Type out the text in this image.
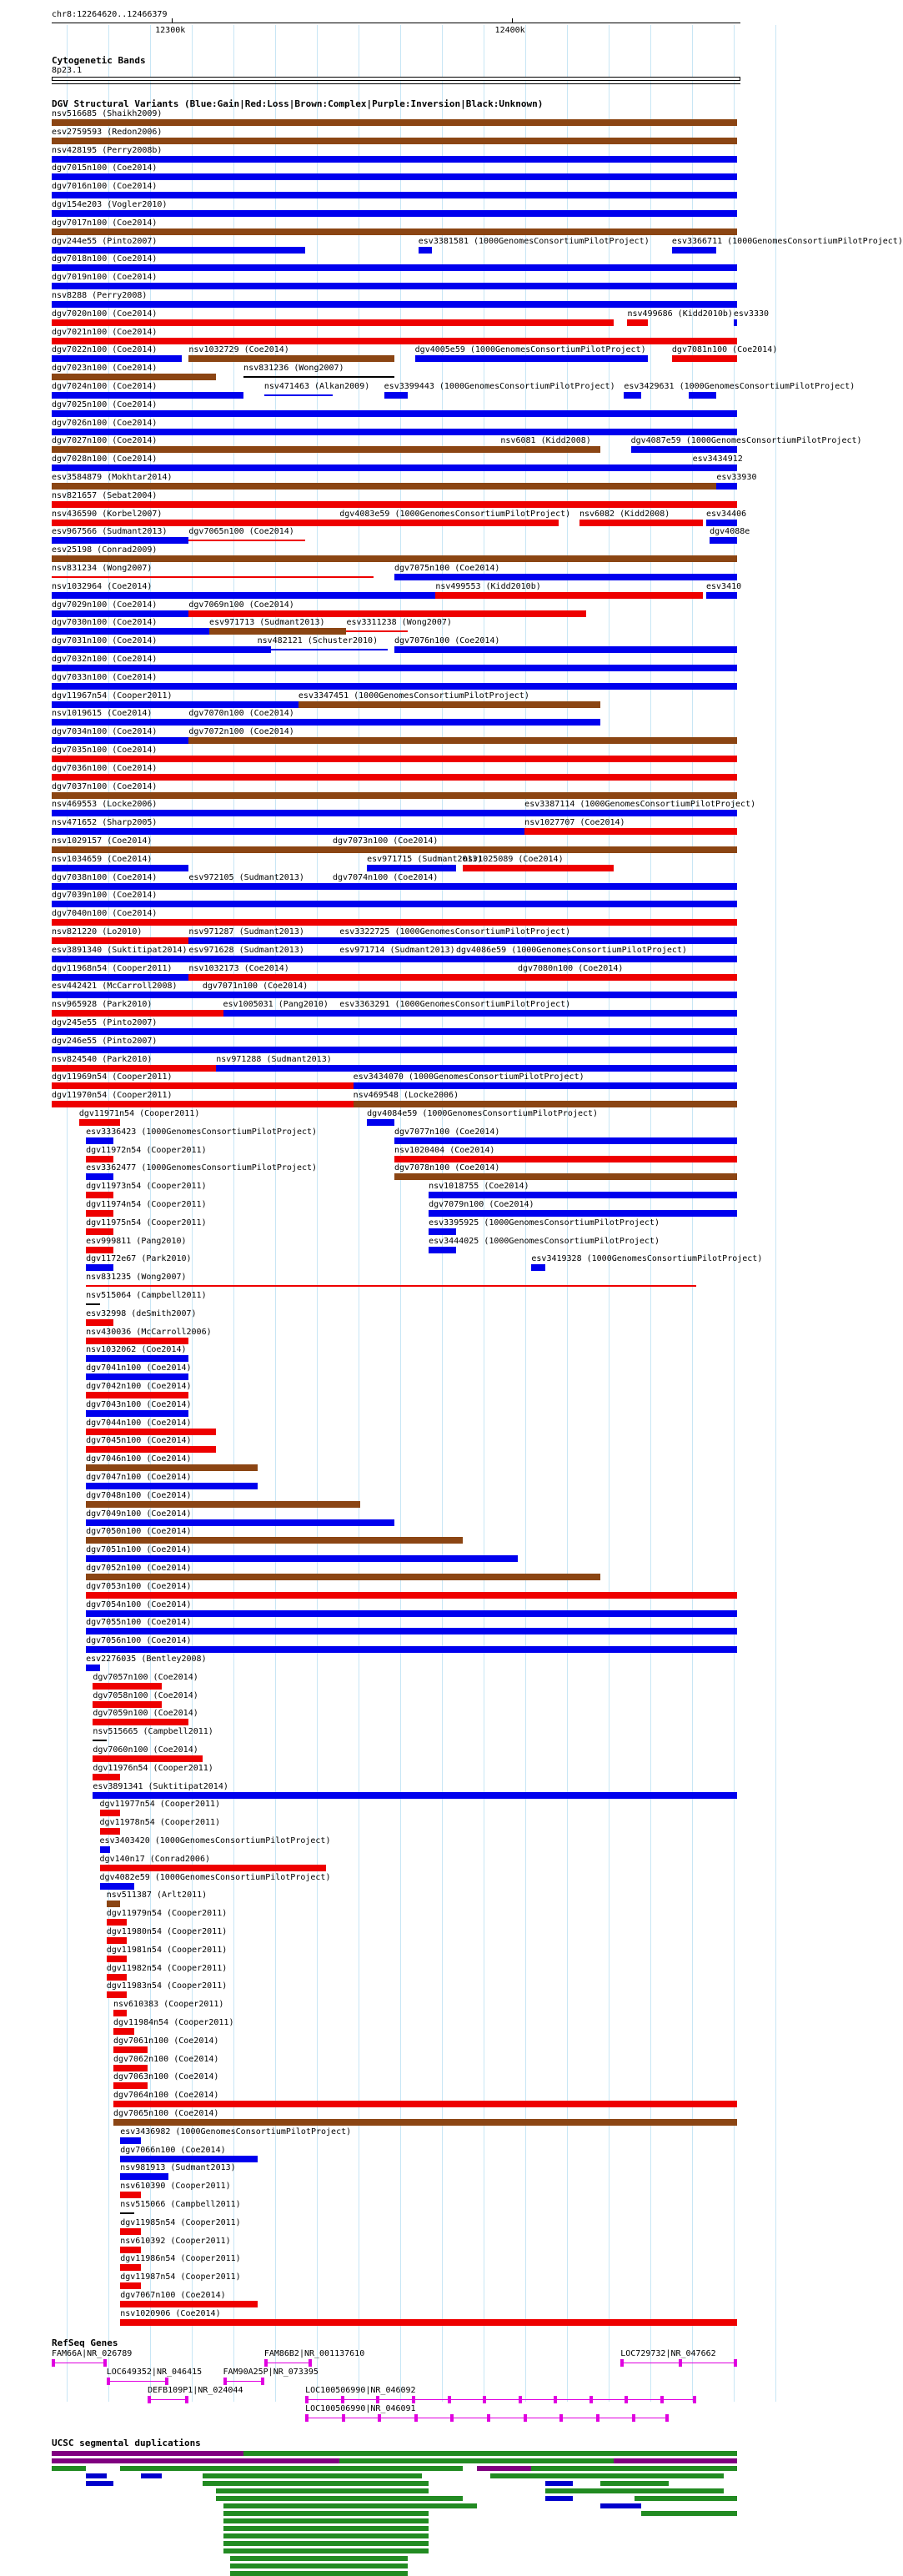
chr8:12264620..12466379
12300k	12400k
Cytogenetic Bands
8p23.1
DGV Structural Variants (Blue:Gain|Red:Loss|Brown:Complex|Purple:Inversion|Black:Unknown)
nsv516685 (Shaikh2009)
esv2759593 (Redon2006)
nsv428195 (Perry2008b)
dgv7015n100 (Coe2014)
dgv7016n100 (Coe2014)
dgv154e203 (Vogler2010)
dgv7017n100 (Coe2014)
dgv244e55 (Pinto2007)	esv3381581 (1000GenomesConsortiumPilotProject)	esv3366711 (1000GenomesConsortiumPilotProject)
dgv7018n100 (Coe2014)
dgv7019n100 (Coe2014)
nsv8288 (Perry2008)
dgv7020n100 (Coe2014)	nsv499686 (Kidd2010b) esv3330
dgv7021n100 (Coe2014)
dgv7022n100 (Coe2014)	nsv1032729 (Coe2014)	dgv4005e59 (1000GenomesConsortiumPilotProject)	dgv7081n100 (Coe2014)
dgv7023n100 (Coe2014)	nsv831236 (Wong2007)
dgv7024n100 (Coe2014)	nsv471463 (Alkan2009) esv3399443 (1000GenomesConsortiumPilotProject) esv3429631 (1000GenomesConsortiumPilotProject)
dgv7025n100 (Coe2014)
dgv7026n100 (Coe2014)
dgv7027n100 (Coe2014)	nsv6081 (Kidd2008)	dgv4087e59 (1000GenomesConsortiumPilotProject)
dgv7028n100 (Coe2014)	esv3434912
esv3584879 (Mokhtar2014)	esv33930
nsv821657 (Sebat2004)
nsv436590 (Korbel2007)	dgv4083e59 (1000GenomesConsortiumPilotProject) nsv6082 (Kidd2008)	esv34406
esv967566 (Sudmant2013)	dgv7065n100 (Coe2014)	dgv4088e
esv25198 (Conrad2009)
nsv831234 (Wong2007)	dgv7075n100 (Coe2014)
nsv1032964 (Coe2014)	nsv499553 (Kidd2010b)	esv3410
dgv7029n100 (Coe2014)	dgv7069n100 (Coe2014)
dgv7030n100 (Coe2014)	esv971713 (Sudmant2013)	esv3311238 (Wong2007)
dgv7031n100 (Coe2014)	nsv482121 (Schuster2010) dgv7076n100 (Coe2014)
dgv7032n100 (Coe2014)
dgv7033n100 (Coe2014)
dgv11967n54 (Cooper2011)	esv3347451 (1000GenomesConsortiumPilotProject)
nsv1019615 (Coe2014)	dgv7070n100 (Coe2014)
dgv7034n100 (Coe2014)	dgv7072n100 (Coe2014)
dgv7035n100 (Coe2014)
dgv7036n100 (Coe2014)
dgv7037n100 (Coe2014)
nsv469553 (Locke2006)	esv3387114 (1000GenomesConsortiumPilotProject)
nsv471652 (Sharp2005)	nsv1027707 (Coe2014)
nsv1029157 (Coe2014)	dgv7073n100 (Coe2014)
nsv1034659 (Coe2014)	esv971715 (Sudmant2013)
nsv1025089 (Coe2014)
dgv7038n100 (Coe2014)	esv972105 (Sudmant2013)	dgv7074n100 (Coe2014)
dgv7039n100 (Coe2014)
dgv7040n100 (Coe2014)
nsv821220 (Lo2010)	nsv971287 (Sudmant2013)	esv3322725 (1000GenomesConsortiumPilotProject)
esv3891340 (Suktitipat2014) esv971628 (Sudmant2013)	esv971714 (Sudmant2013) dgv4086e59 (1000GenomesConsortiumPilotProject)
dgv11968n54 (Cooper2011) nsv1032173 (Coe2014)	dgv7080n100 (Coe2014)
esv442421 (McCarroll2008)	dgv7071n100 (Coe2014)
nsv965928 (Park2010)	esv1005031 (Pang2010) esv3363291 (1000GenomesConsortiumPilotProject)
dgv245e55 (Pinto2007)
dgv246e55 (Pinto2007)
nsv824540 (Park2010)	nsv971288 (Sudmant2013)
dgv11969n54 (Cooper2011)	esv3434070 (1000GenomesConsortiumPilotProject)
dgv11970n54 (Cooper2011)	nsv469548 (Locke2006)
dgv11971n54 (Cooper2011)	dgv4084e59 (1000GenomesConsortiumPilotProject)
esv3336423 (1000GenomesConsortiumPilotProject)	dgv7077n100 (Coe2014)
dgv11972n54 (Cooper2011)	nsv1020404 (Coe2014)
esv3362477 (1000GenomesConsortiumPilotProject)	dgv7078n100 (Coe2014)
dgv11973n54 (Cooper2011)	nsv1018755 (Coe2014)
dgv11974n54 (Cooper2011)	dgv7079n100 (Coe2014)
dgv11975n54 (Cooper2011)	esv3395925 (1000GenomesConsortiumPilotProject)
esv999811 (Pang2010)	esv3444025 (1000GenomesConsortiumPilotProject)
dgv1172e67 (Park2010)	esv3419328 (1000GenomesConsortiumPilotProject)
nsv831235 (Wong2007)
nsv515064 (Campbell2011)
esv32998 (deSmith2007)
nsv430036 (McCarroll2006)
nsv1032062 (Coe2014)
dgv7041n100 (Coe2014)
dgv7042n100 (Coe2014)
dgv7043n100 (Coe2014)
dgv7044n100 (Coe2014)
dgv7045n100 (Coe2014)
dgv7046n100 (Coe2014)
dgv7047n100 (Coe2014)
dgv7048n100 (Coe2014)
dgv7049n100 (Coe2014)
dgv7050n100 (Coe2014)
dgv7051n100 (Coe2014)
dgv7052n100 (Coe2014)
dgv7053n100 (Coe2014)
dgv7054n100 (Coe2014)
dgv7055n100 (Coe2014)
dgv7056n100 (Coe2014)
esv2276035 (Bentley2008)
dgv7057n100 (Coe2014)
dgv7058n100 (Coe2014)
dgv7059n100 (Coe2014)
nsv515665 (Campbell2011)
dgv7060n100 (Coe2014)
dgv11976n54 (Cooper2011)
esv3891341 (Suktitipat2014)
dgv11977n54 (Cooper2011)
dgv11978n54 (Cooper2011)
esv3403420 (1000GenomesConsortiumPilotProject)
dgv140n17 (Conrad2006)
dgv4082e59 (1000GenomesConsortiumPilotProject)
nsv511387 (Arlt2011)
dgv11979n54 (Cooper2011)
dgv11980n54 (Cooper2011)
dgv11981n54 (Cooper2011)
dgv11982n54 (Cooper2011)
dgv11983n54 (Cooper2011)
nsv610383 (Cooper2011)
dgv11984n54 (Cooper2011)
dgv7061n100 (Coe2014)
dgv7062n100 (Coe2014)
dgv7063n100 (Coe2014)
dgv7064n100 (Coe2014)
dgv7065n100 (Coe2014)
esv3436982 (1000GenomesConsortiumPilotProject)
dgv7066n100 (Coe2014)
nsv981913 (Sudmant2013)
nsv610390 (Cooper2011)
nsv515066 (Campbell2011)
dgv11985n54 (Cooper2011)
nsv610392 (Cooper2011)
dgv11986n54 (Cooper2011)
dgv11987n54 (Cooper2011)
dgv7067n100 (Coe2014)
nsv1020906 (Coe2014)
RefSeq Genes
FAM66A|NR_026789	FAM86B2|NR_001137610	LOC729732|NR_047662
LOC649352|NR_046415	FAM90A25P|NR_073395
DEFB109P1|NR_024044	LOC100506990|NR_046092
LOC100506990|NR_046091
UCSC segmental duplications
